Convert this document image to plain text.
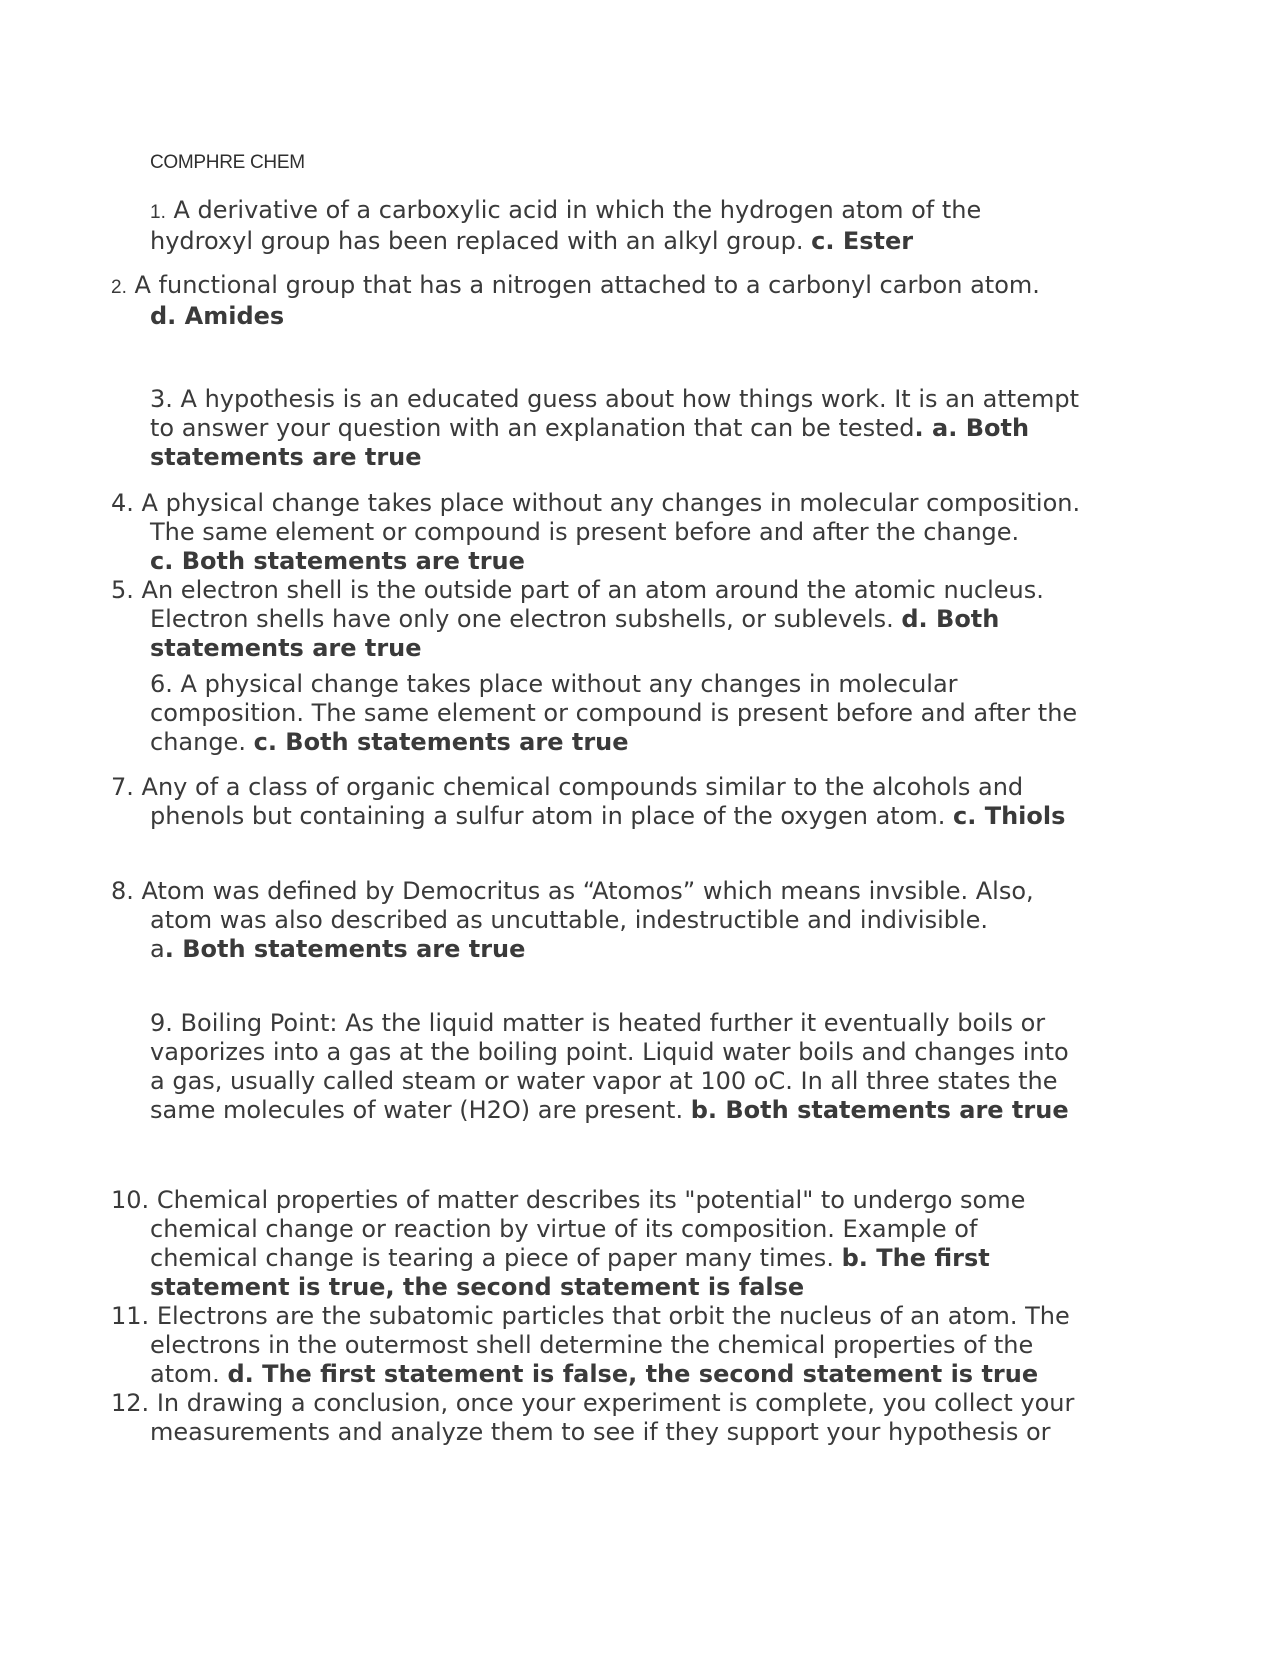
COMPHRE CHEM
1. A derivative of a carboxylic acid in which the hydrogen atom of the
hydroxyl group has been replaced with an alkyl group. c. Ester
2. A functional group that has a nitrogen attached to a carbonyl carbon atom.
d. Amides
3. A hypothesis is an educated guess about how things work. It is an attempt
to answer your question with an explanation that can be tested. a. Both
statements are true
4. A physical change takes place without any changes in molecular composition.
The same element or compound is present before and after the change.
c. Both statements are true
5. An electron shell is the outside part of an atom around the atomic nucleus.
Electron shells have only one electron subshells, or sublevels. d. Both
statements are true
6. A physical change takes place without any changes in molecular
composition. The same element or compound is present before and after the
change. c. Both statements are true
7. Any of a class of organic chemical compounds similar to the alcohols and
phenols but containing a sulfur atom in place of the oxygen atom. c. Thiols
8. Atom was defined by Democritus as “Atomos” which means invsible. Also,
atom was also described as uncuttable, indestructible and indivisible.
a. Both statements are true
9. Boiling Point: As the liquid matter is heated further it eventually boils or
vaporizes into a gas at the boiling point. Liquid water boils and changes into
a gas, usually called steam or water vapor at 100 oC. In all three states the
same molecules of water (H2O) are present. b. Both statements are true
10. Chemical properties of matter describes its "potential" to undergo some
chemical change or reaction by virtue of its composition. Example of
chemical change is tearing a piece of paper many times. b. The first
statement is true, the second statement is false
11. Electrons are the subatomic particles that orbit the nucleus of an atom. The
electrons in the outermost shell determine the chemical properties of the
atom. d. The first statement is false, the second statement is true
12. In drawing a conclusion, once your experiment is complete, you collect your
measurements and analyze them to see if they support your hypothesis or
